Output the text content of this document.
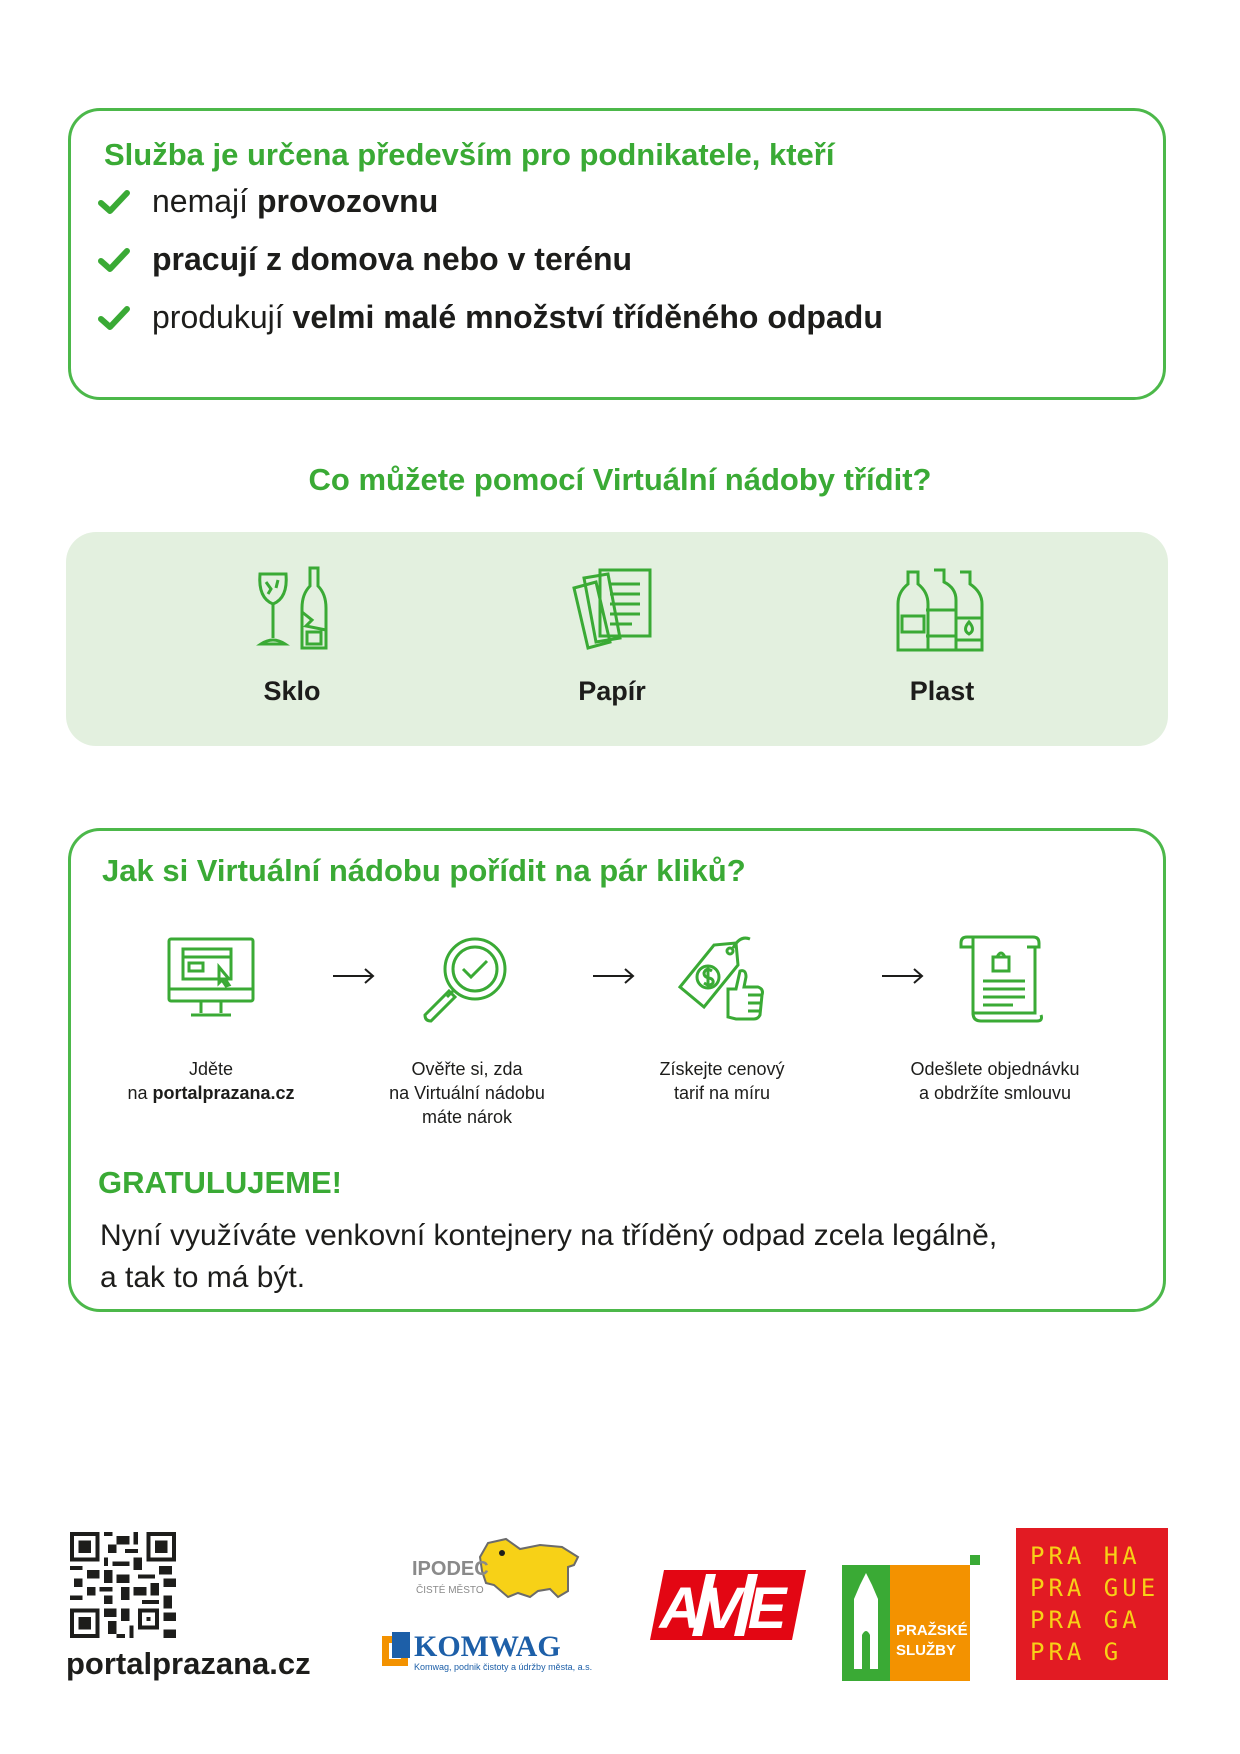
Služba je určena především pro podnikatele, kteří
nemají provozovnu
pracují z domova nebo v terénu
produkují velmi malé množství tříděného odpadu
Co můžete pomocí Virtuální nádoby třídit?
Sklo	Papír	Plast
Jak si Virtuální nádobu pořídit na pár kliků?
Jděte
na portalprazana.cz
Ověřte si, zda
na Virtuální nádobu
máte nárok
Získejte cenový
tarif na míru
Odešlete objednávku
a obdržíte smlouvu
GRATULUJEME!
Nyní využíváte venkovní kontejnery na tříděný odpad zcela legálně,
a tak to má být.
portalprazana.cz
IPODEC
ČISTÉ MĚSTO
KOMWAG
Komwag, podnik čistoty a údržby města, a.s.
AVE	PRAŽSKÉ
SLUŽBY
PRA HA
PRA GUE
PRA GA
PRA G
